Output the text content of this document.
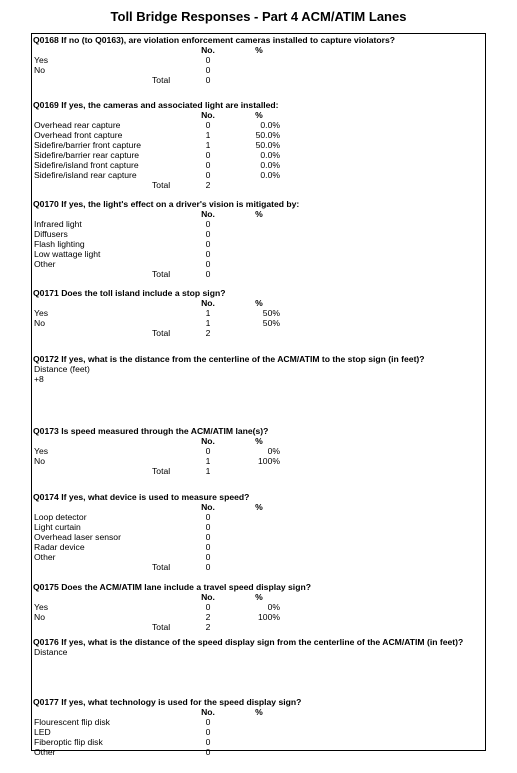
Toll Bridge Responses - Part 4 ACM/ATIM Lanes
Q0168 If no (to Q0163), are violation enforcement cameras installed to capture violators?
No.	%
Yes	0
No	0
Total	0
Q0169 If yes, the cameras and associated light are installed:
No.	%
Overhead rear capture	0	0.0%
Overhead front capture	1	50.0%
Sidefire/barrier front capture	1	50.0%
Sidefire/barrier rear capture	0	0.0%
Sidefire/island front capture	0	0.0%
Sidefire/island rear capture	0	0.0%
Total	2
Q0170 If yes, the light's effect on a driver's vision is mitigated by:
No.	%
Infrared light	0
Diffusers	0
Flash lighting	0
Low wattage light	0
Other	0
Total	0
Q0171 Does the toll island include a stop sign?
No.	%
Yes	1	50%
No	1	50%
Total	2
Q0172 If yes, what is the distance from the centerline of the ACM/ATIM to the stop sign (in feet)?
Distance (feet)
+8
Q0173 Is speed measured through the ACM/ATIM lane(s)?
No.	%
Yes	0	0%
No	1	100%
Total	1
Q0174 If yes, what device is used to measure speed?
No.	%
Loop detector	0
Light curtain	0
Overhead laser sensor	0
Radar device	0
Other	0
Total	0
Q0175 Does the ACM/ATIM lane include a travel speed display sign?
No.	%
Yes	0	0%
No	2	100%
Total	2
Q0176 If yes, what is the distance of the speed display sign from the centerline of the ACM/ATIM (in feet)?
Distance
Q0177 If yes, what technology is used for the speed display sign?
No.	%
Flourescent flip disk	0
LED	0
Fiberoptic flip disk	0
Other	0
